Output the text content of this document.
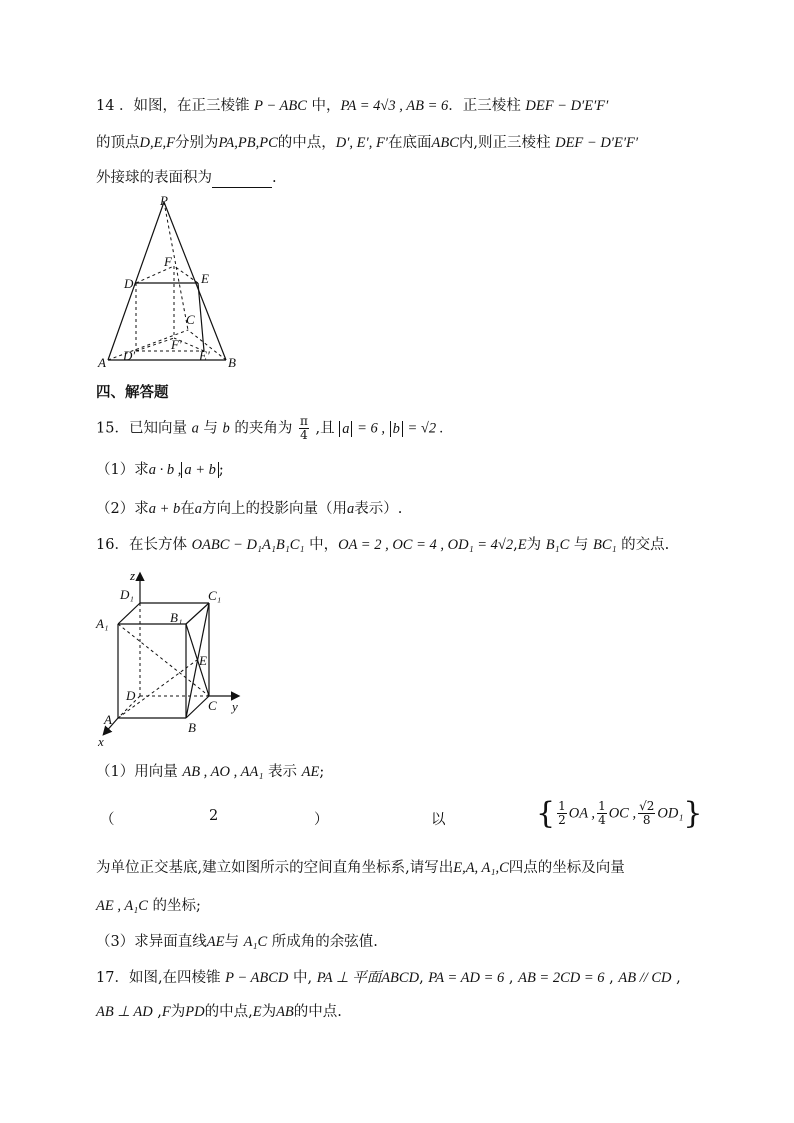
14 ．如图，在正三棱锥 P − ABC 中，PA = 4√3 , AB = 6．正三棱柱 DEF − D′E′F′
的顶点D,E,F分别为PA,PB,PC的中点，D′, E′, F′在底面ABC内,则正三棱柱 DEF − D′E′F′
外接球的表面积为	.
P
D	E
F
C
F′
A D′	E′ B
四、解答题
15．已知向量 a 与 b 的夹角为 $\frac{\pi}{4}$ ,且 a = 6 , b = √2 .
（1）求a · b , a + b ;
（2）求a + b在a方向上的投影向量（用a表示）.
16．在长方体 OABC − D₁A₁B₁C₁ 中，OA = 2 , OC = 4 , OD₁ = 4√2,E为 B₁C 与 BC₁ 的交点.
z
y
x
D₁	C₁
A₁	B₁
E
D
C
A
B
（1）用向量 AB , AO , AA₁ 表示 AE;
（	2	）	以	{ $\frac{1}{2}$ OA , $\frac{1}{4}$ OC , $\frac{√2}{8} OD_1$}
为单位正交基底,建立如图所示的空间直角坐标系,请写出E,A, A₁,C四点的坐标及向量
AE , A₁C 的坐标;
（3）求异面直线AE与 A₁C 所成角的余弦值.
17．如图,在四棱锥 P − ABCD 中, PA ⊥ 平面ABCD, PA = AD = 6 , AB = 2CD = 6 , AB // CD ,
AB ⊥ AD ,F为PD的中点,E为AB的中点.
